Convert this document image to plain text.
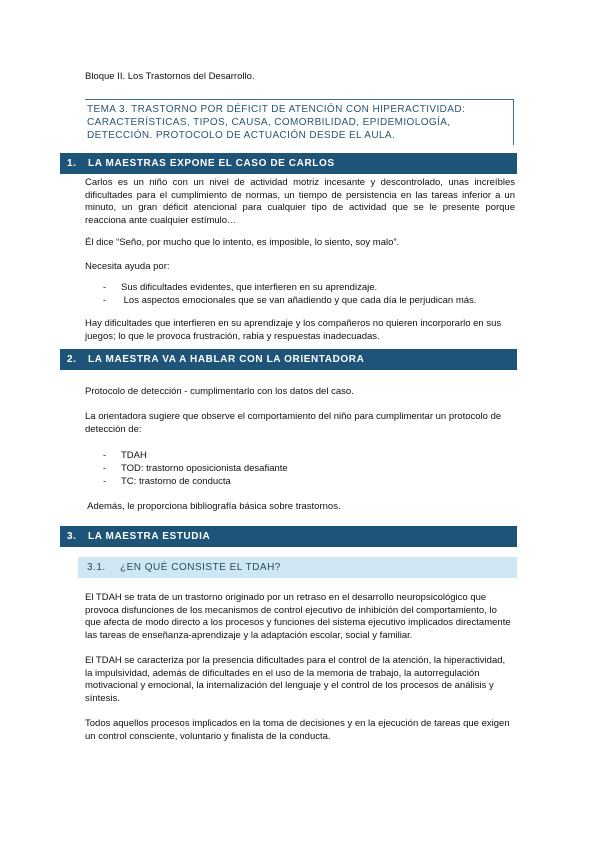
Bloque II. Los Trastornos del Desarrollo.
TEMA 3. TRASTORNO POR DÉFICIT DE ATENCIÓN CON HIPERACTIVIDAD: CARACTERÍSTICAS, TIPOS, CAUSA, COMORBILIDAD, EPIDEMIOLOGÍA, DETECCIÓN. PROTOCOLO DE ACTUACIÓN DESDE EL AULA.
1. LA MAESTRAS EXPONE EL CASO DE CARLOS
Carlos es un niño con un nivel de actividad motriz incesante y descontrolado, unas increíbles dificultades para el cumplimiento de normas, un tiempo de persistencia en las tareas inferior a un minuto, un gran déficit atencional para cualquier tipo de actividad que se le presente porque reacciona ante cualquier estímulo…
Él dice “Seño, por mucho que lo intento, es imposible, lo siento, soy malo”.
Necesita ayuda por:
- Sus dificultades evidentes, que interfieren en su aprendizaje.
- Los aspectos emocionales que se van añadiendo y que cada día le perjudican más.
Hay dificultades que interfieren en su aprendizaje y los compañeros no quieren incorporarlo en sus juegos; lo que le provoca frustración, rabia y respuestas inadecuadas.
2. LA MAESTRA VA A HABLAR CON LA ORIENTADORA
Protocolo de detección - cumplimentarlo con los datos del caso.
La orientadora sugiere que observe el comportamiento del niño para cumplimentar un protocolo de detección de:
- TDAH
- TOD: trastorno oposicionista desafiante
- TC: trastorno de conducta
Además, le proporciona bibliografía básica sobre trastornos.
3. LA MAESTRA ESTUDIA
3.1. ¿EN QUÉ CONSISTE EL TDAH?
El TDAH se trata de un trastorno originado por un retraso en el desarrollo neuropsicológico que provoca disfunciones de los mecanismos de control ejecutivo de inhibición del comportamiento, lo que afecta de modo directo a los procesos y funciones del sistema ejecutivo implicados directamente las tareas de enseñanza-aprendizaje y la adaptación escolar, social y familiar.
El TDAH se caracteriza por la presencia dificultades para el control de la atención, la hiperactividad, la impulsividad, además de dificultades en el uso de la memoria de trabajo, la autorregulación motivacional y emocional, la internalización del lenguaje y el control de los procesos de análisis y síntesis.
Todos aquellos procesos implicados en la toma de decisiones y en la ejecución de tareas que exigen un control consciente, voluntario y finalista de la conducta.
